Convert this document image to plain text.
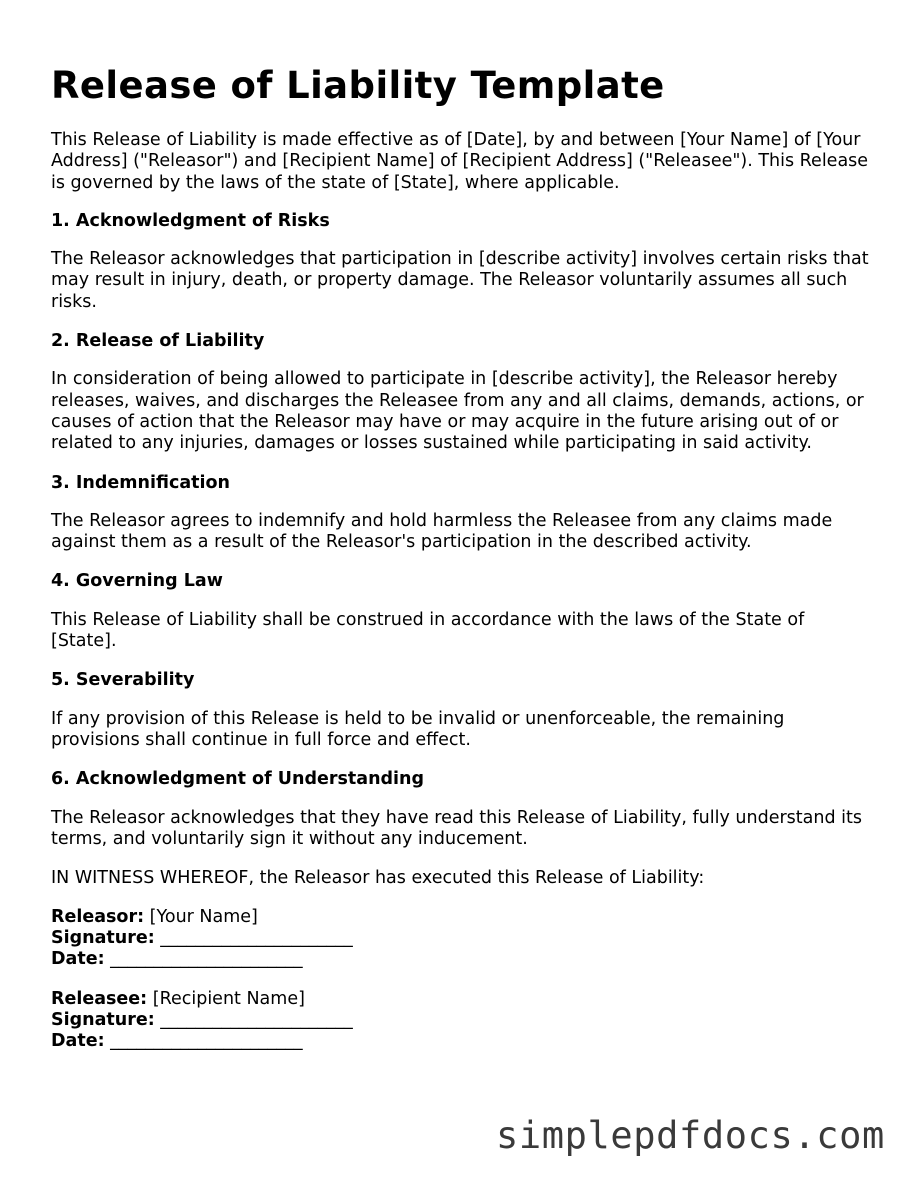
Release of Liability Template

This Release of Liability is made effective as of [Date], by and between [Your Name] of [Your Address] ("Releasor") and [Recipient Name] of [Recipient Address] ("Releasee"). This Release is governed by the laws of the state of [State], where applicable.

1. Acknowledgment of Risks

The Releasor acknowledges that participation in [describe activity] involves certain risks that may result in injury, death, or property damage. The Releasor voluntarily assumes all such risks.

2. Release of Liability

In consideration of being allowed to participate in [describe activity], the Releasor hereby releases, waives, and discharges the Releasee from any and all claims, demands, actions, or causes of action that the Releasor may have or may acquire in the future arising out of or related to any injuries, damages or losses sustained while participating in said activity.

3. Indemnification

The Releasor agrees to indemnify and hold harmless the Releasee from any claims made against them as a result of the Releasor's participation in the described activity.

4. Governing Law

This Release of Liability shall be construed in accordance with the laws of the State of [State].

5. Severability

If any provision of this Release is held to be invalid or unenforceable, the remaining provisions shall continue in full force and effect.

6. Acknowledgment of Understanding

The Releasor acknowledges that they have read this Release of Liability, fully understand its terms, and voluntarily sign it without any inducement.

IN WITNESS WHEREOF, the Releasor has executed this Release of Liability:

Releasor: [Your Name]
Signature: ______________________
Date: ______________________
Releasee: [Recipient Name]
Signature: ______________________
Date: ______________________
simplepdfdocs.com
